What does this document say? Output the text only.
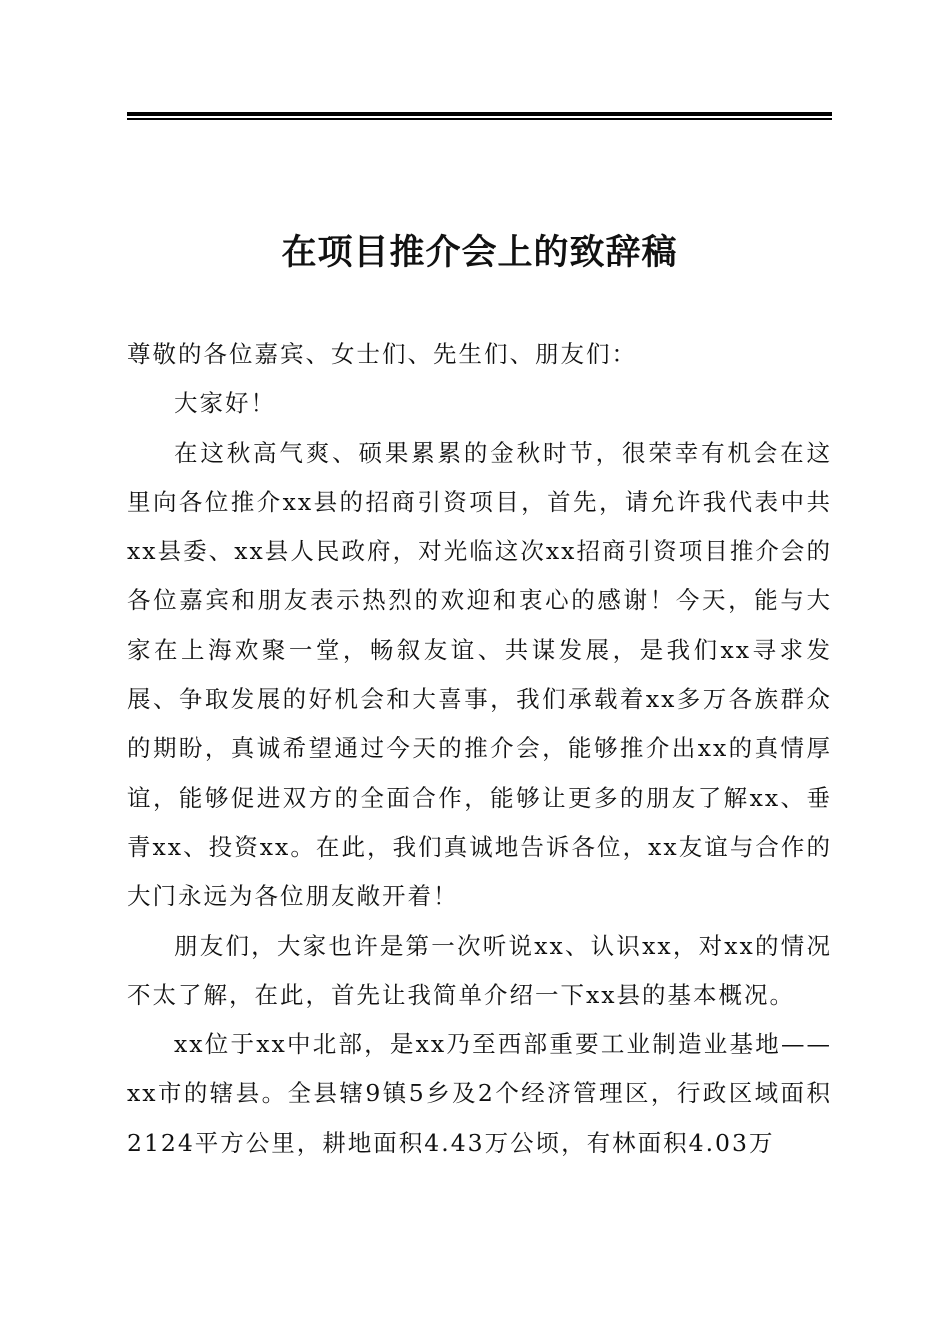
在项目推介会上的致辞稿

尊敬的各位嘉宾、女士们、先生们、朋友们：

大家好！

在这秋高气爽、硕果累累的金秋时节，很荣幸有机会在这里向各位推介xx县的招商引资项目，首先，请允许我代表中共xx县委、xx县人民政府，对光临这次xx招商引资项目推介会的各位嘉宾和朋友表示热烈的欢迎和衷心的感谢！今天，能与大家在上海欢聚一堂，畅叙友谊、共谋发展，是我们xx寻求发展、争取发展的好机会和大喜事，我们承载着xx多万各族群众的期盼，真诚希望通过今天的推介会，能够推介出xx的真情厚谊，能够促进双方的全面合作，能够让更多的朋友了解xx、垂青xx、投资xx。在此，我们真诚地告诉各位，xx友谊与合作的大门永远为各位朋友敞开着！

朋友们，大家也许是第一次听说xx、认识xx，对xx的情况不太了解，在此，首先让我简单介绍一下xx县的基本概况。

xx位于xx中北部，是xx乃至西部重要工业制造业基地——xx市的辖县。全县辖9镇5乡及2个经济管理区，行政区域面积2124平方公里，耕地面积4.43万公顷，有林面积4.03万
